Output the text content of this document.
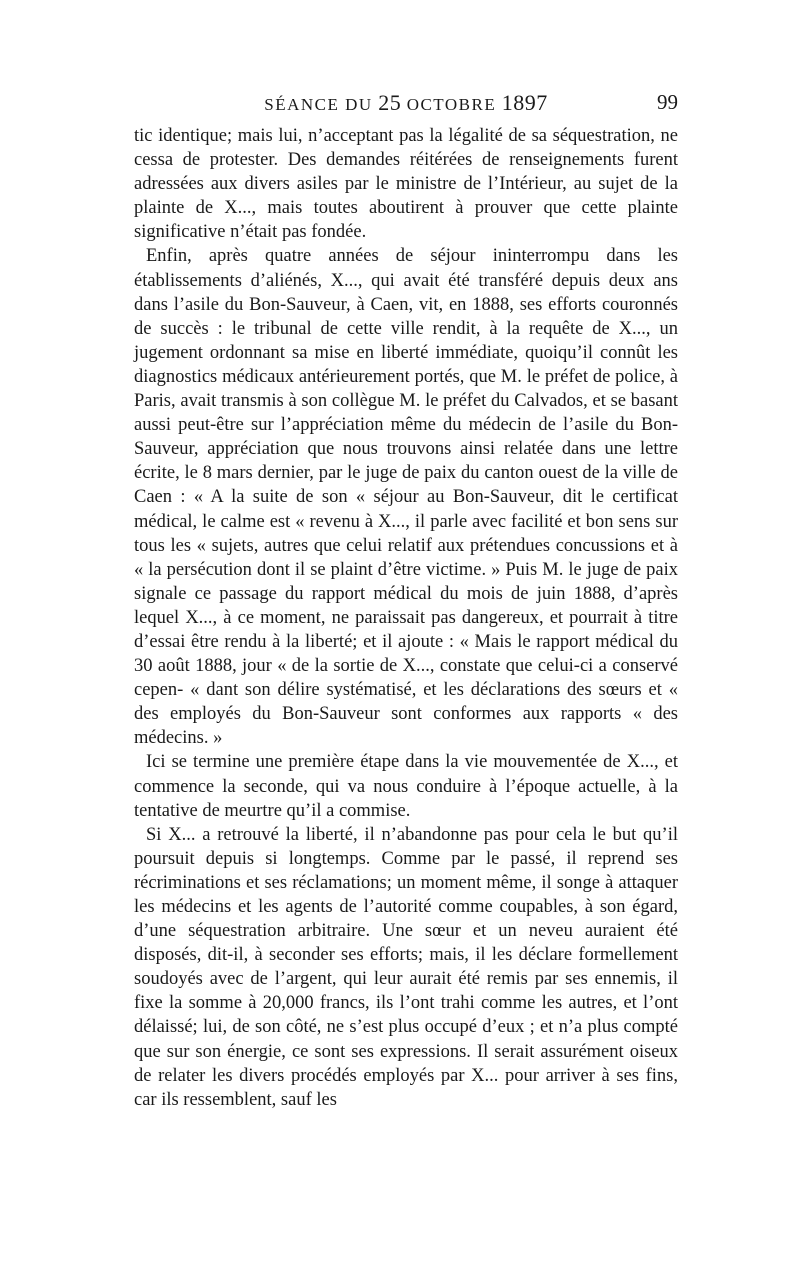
SÉANCE DU 25 OCTOBRE 1897	99

tic identique; mais lui, n’acceptant pas la légalité de sa séquestration, ne cessa de protester. Des demandes réitérées de renseignements furent adressées aux divers asiles par le ministre de l’Intérieur, au sujet de la plainte de X..., mais toutes aboutirent à prouver que cette plainte significative n’était pas fondée.

Enfin, après quatre années de séjour ininterrompu dans les établissements d’aliénés, X..., qui avait été transféré depuis deux ans dans l’asile du Bon-Sauveur, à Caen, vit, en 1888, ses efforts couronnés de succès : le tribunal de cette ville rendit, à la requête de X..., un jugement ordonnant sa mise en liberté immédiate, quoiqu’il connût les diagnostics médicaux antérieurement portés, que M. le préfet de police, à Paris, avait transmis à son collègue M. le préfet du Calvados, et se basant aussi peut-être sur l’appréciation même du médecin de l’asile du Bon-Sauveur, appréciation que nous trouvons ainsi relatée dans une lettre écrite, le 8 mars dernier, par le juge de paix du canton ouest de la ville de Caen : « A la suite de son « séjour au Bon-Sauveur, dit le certificat médical, le calme est « revenu à X..., il parle avec facilité et bon sens sur tous les « sujets, autres que celui relatif aux prétendues concussions et à « la persécution dont il se plaint d’être victime. » Puis M. le juge de paix signale ce passage du rapport médical du mois de juin 1888, d’après lequel X..., à ce moment, ne paraissait pas dangereux, et pourrait à titre d’essai être rendu à la liberté; et il ajoute : « Mais le rapport médical du 30 août 1888, jour « de la sortie de X..., constate que celui-ci a conservé cepen- « dant son délire systématisé, et les déclarations des sœurs et « des employés du Bon-Sauveur sont conformes aux rapports « des médecins. »

Ici se termine une première étape dans la vie mouvementée de X..., et commence la seconde, qui va nous conduire à l’époque actuelle, à la tentative de meurtre qu’il a commise.

Si X... a retrouvé la liberté, il n’abandonne pas pour cela le but qu’il poursuit depuis si longtemps. Comme par le passé, il reprend ses récriminations et ses réclamations; un moment même, il songe à attaquer les médecins et les agents de l’autorité comme coupables, à son égard, d’une séquestration arbitraire. Une sœur et un neveu auraient été disposés, dit-il, à seconder ses efforts; mais, il les déclare formellement soudoyés avec de l’argent, qui leur aurait été remis par ses ennemis, il fixe la somme à 20,000 francs, ils l’ont trahi comme les autres, et l’ont délaissé; lui, de son côté, ne s’est plus occupé d’eux ; et n’a plus compté que sur son énergie, ce sont ses expressions. Il serait assurément oiseux de relater les divers procédés employés par X... pour arriver à ses fins, car ils ressemblent, sauf les
